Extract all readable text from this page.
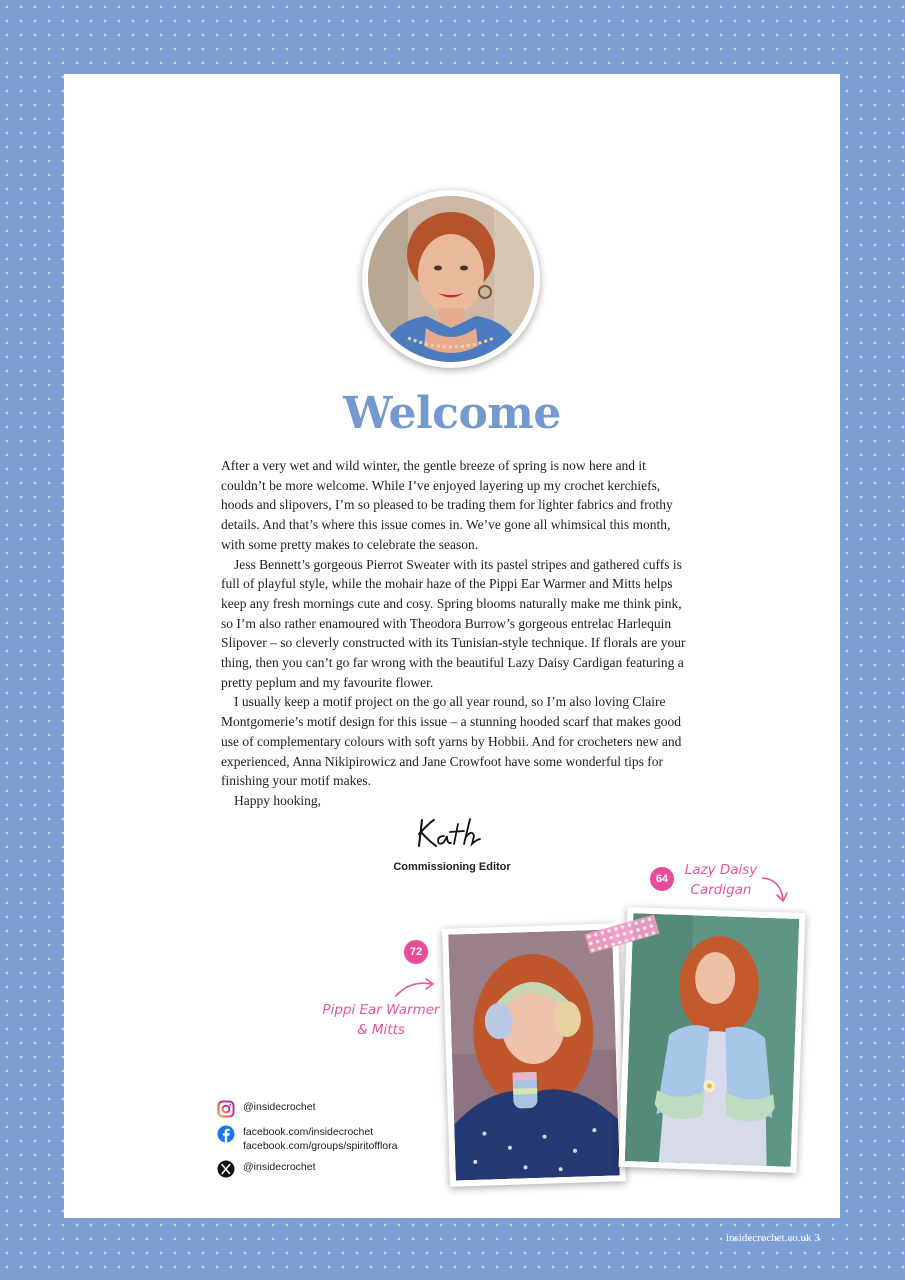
Welcome

After a very wet and wild winter, the gentle breeze of spring is now here and it couldn’t be more welcome. While I’ve enjoyed layering up my crochet kerchiefs, hoods and slipovers, I’m so pleased to be trading them for lighter fabrics and frothy details. And that’s where this issue comes in. We’ve gone all whimsical this month, with some pretty makes to celebrate the season.

Jess Bennett’s gorgeous Pierrot Sweater with its pastel stripes and gathered cuffs is full of playful style, while the mohair haze of the Pippi Ear Warmer and Mitts helps keep any fresh mornings cute and cosy. Spring blooms naturally make me think pink, so I’m also rather enamoured with Theodora Burrow’s gorgeous entrelac Harlequin Slipover – so cleverly constructed with its Tunisian-style technique. If florals are your thing, then you can’t go far wrong with the beautiful Lazy Daisy Cardigan featuring a pretty peplum and my favourite flower.

I usually keep a motif project on the go all year round, so I’m also loving Claire Montgomerie’s motif design for this issue – a stunning hooded scarf that makes good use of complementary colours with soft yarns by Hobbii. And for crocheters new and experienced, Anna Nikipirowicz and Jane Crowfoot have some wonderful tips for finishing your motif makes.

Happy hooking,

Commissioning Editor
72
Pippi Ear Warmer
& Mitts
64
Lazy Daisy
Cardigan
@insidecrochet
facebook.com/insidecrochet
facebook.com/groups/spiritofflora
@insidecrochet
insidecrochet.co.uk 3
